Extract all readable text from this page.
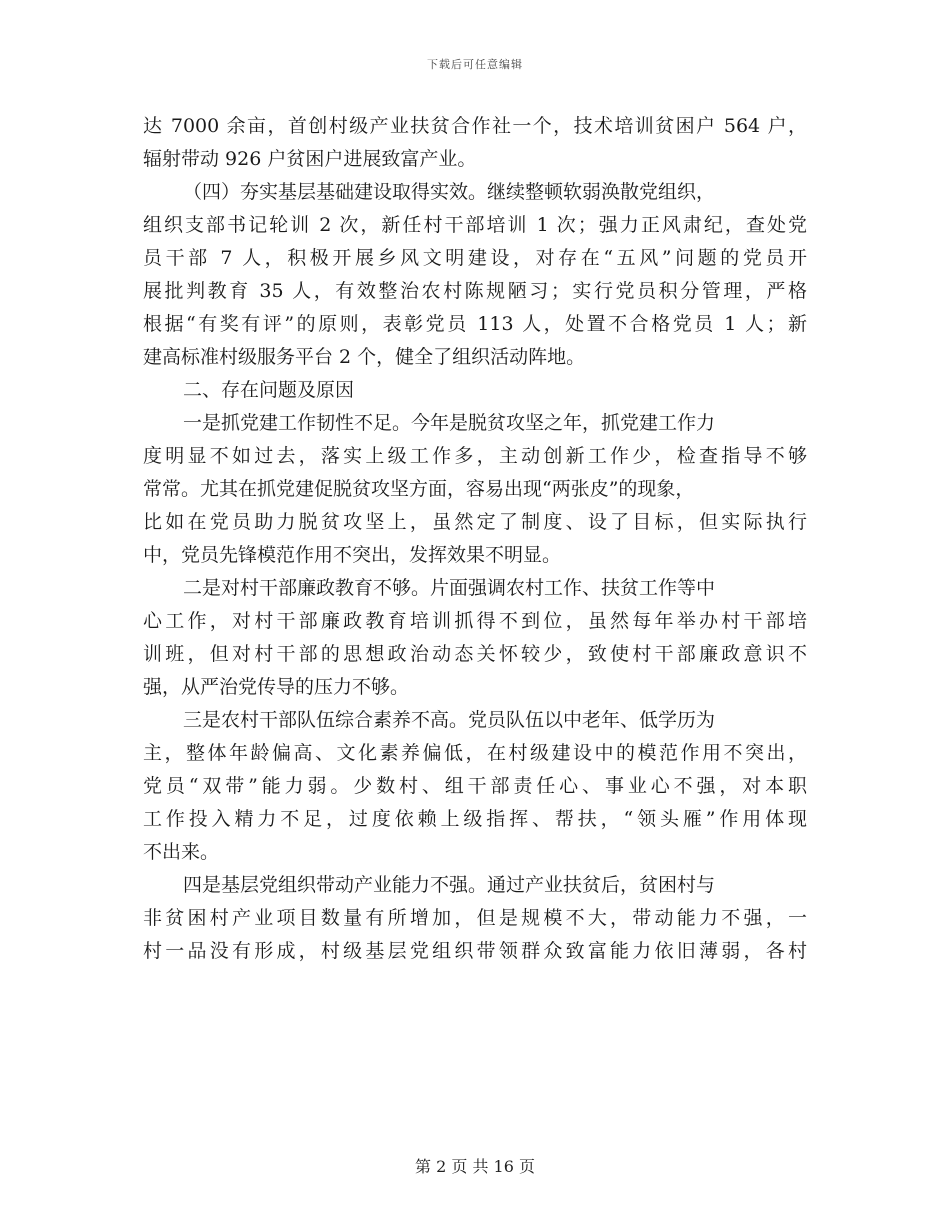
下载后可任意编辑
达 7000 余亩，首创村级产业扶贫合作社一个，技术培训贫困户 564 户，
辐射带动 926 户贫困户进展致富产业。
（四）夯实基层基础建设取得实效。继续整顿软弱涣散党组织，
组织支部书记轮训 2 次，新任村干部培训 1 次；强力正风肃纪，查处党
员干部 7 人，积极开展乡风文明建设，对存在“五风”问题的党员开
展批判教育 35 人，有效整治农村陈规陋习；实行党员积分管理，严格
根据“有奖有评”的原则，表彰党员 113 人，处置不合格党员 1 人；新
建高标准村级服务平台 2 个，健全了组织活动阵地。
二、存在问题及原因
一是抓党建工作韧性不足。今年是脱贫攻坚之年，抓党建工作力
度明显不如过去，落实上级工作多，主动创新工作少，检查指导不够
常常。尤其在抓党建促脱贫攻坚方面，容易出现“两张皮”的现象，
比如在党员助力脱贫攻坚上，虽然定了制度、设了目标，但实际执行
中，党员先锋模范作用不突出，发挥效果不明显。
二是对村干部廉政教育不够。片面强调农村工作、扶贫工作等中
心工作，对村干部廉政教育培训抓得不到位，虽然每年举办村干部培
训班，但对村干部的思想政治动态关怀较少，致使村干部廉政意识不
强，从严治党传导的压力不够。
三是农村干部队伍综合素养不高。党员队伍以中老年、低学历为
主，整体年龄偏高、文化素养偏低，在村级建设中的模范作用不突出，
党员“双带”能力弱。少数村、组干部责任心、事业心不强，对本职
工作投入精力不足，过度依赖上级指挥、帮扶，“领头雁”作用体现
不出来。
四是基层党组织带动产业能力不强。通过产业扶贫后，贫困村与
非贫困村产业项目数量有所增加，但是规模不大，带动能力不强，一
村一品没有形成，村级基层党组织带领群众致富能力依旧薄弱，各村
第 2 页 共 16 页
